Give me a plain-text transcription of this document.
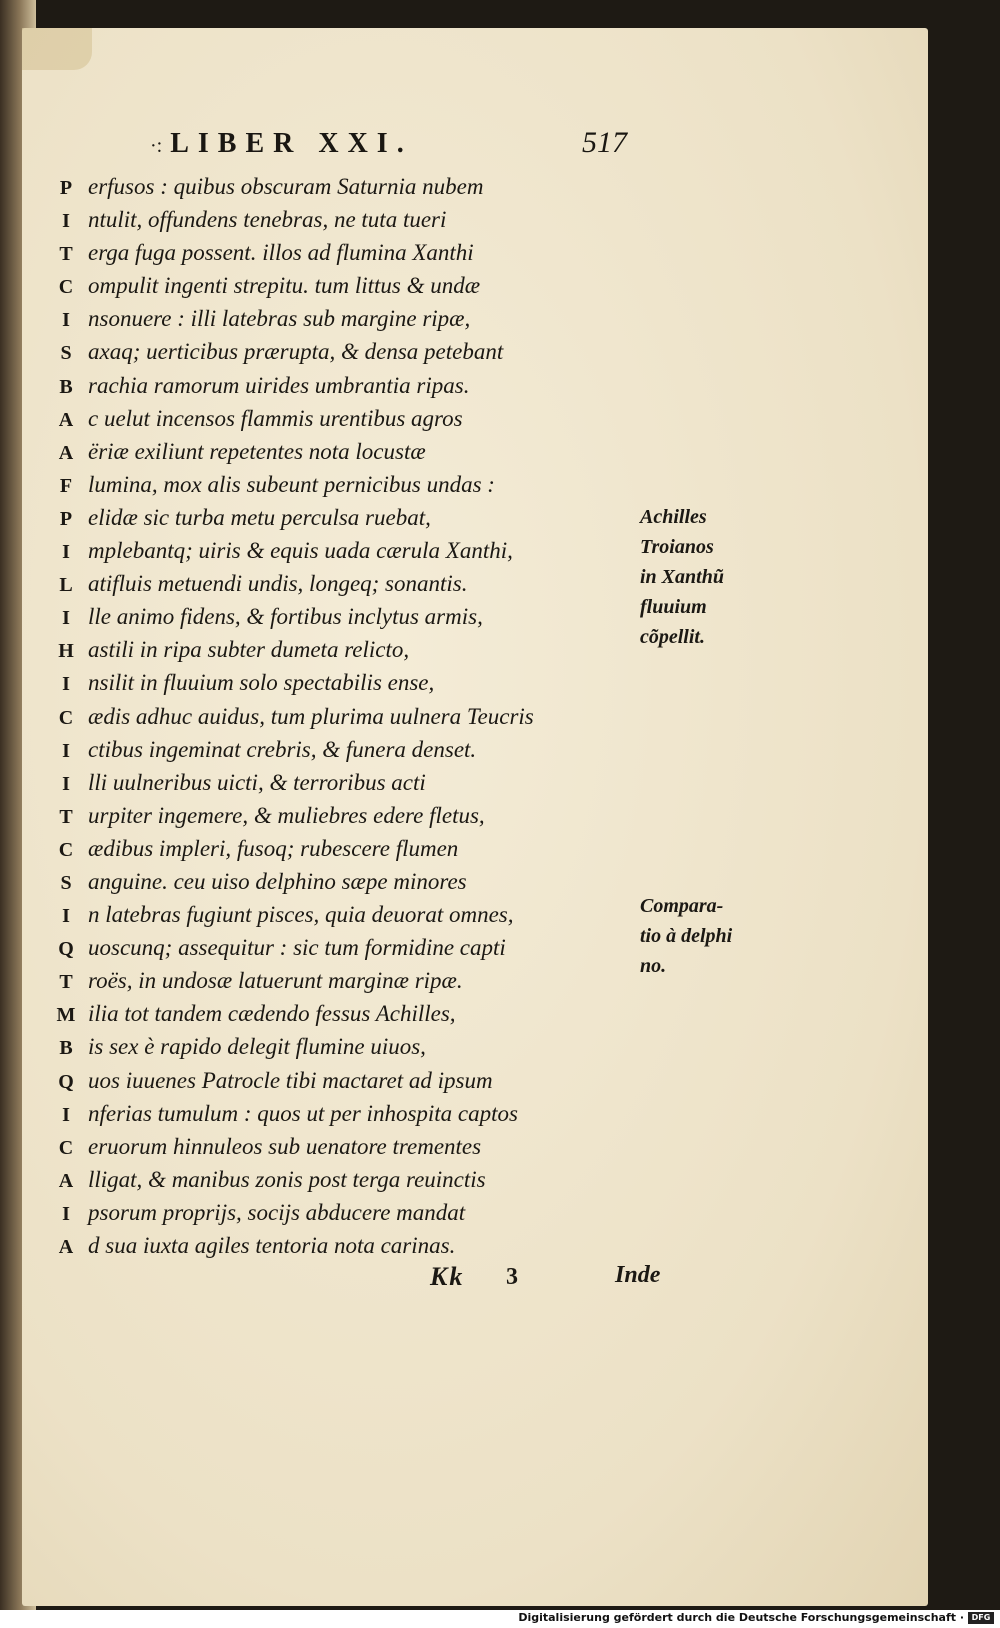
·: LIBER XXI.	517
P erfusos : quibus obscuram Saturnia nubem
I ntulit, offundens tenebras, ne tuta tueri
T erga fuga possent. illos ad flumina Xanthi
C ompulit ingenti strepitu. tum littus & undæ
I nsonuere : illi latebras sub margine ripæ,
S axaq; uerticibus prærupta, & densa petebant
B rachia ramorum uirides umbrantia ripas.
A c uelut incensos flammis urentibus agros
A ëriæ exiliunt repetentes nota locustæ
F lumina, mox alis subeunt pernicibus undas :
P elidæ sic turba metu perculsa ruebat,
I mplebantq; uiris & equis uada cærula Xanthi,
L atifluis metuendi undis, longeq; sonantis.
I lle animo fidens, & fortibus inclytus armis,
H astili in ripa subter dumeta relicto,
I nsilit in fluuium solo spectabilis ense,
C ædis adhuc auidus, tum plurima uulnera Teucris
I ctibus ingeminat crebris, & funera denset.
I lli uulneribus uicti, & terroribus acti
T urpiter ingemere, & muliebres edere fletus,
C ædibus impleri, fusoq; rubescere flumen
S anguine. ceu uiso delphino sæpe minores
I n latebras fugiunt pisces, quia deuorat omnes,
Q uoscunq; assequitur : sic tum formidine capti
T roës, in undosæ latuerunt marginæ ripæ.
M ilia tot tandem cædendo fessus Achilles,
B is sex è rapido delegit flumine uiuos,
Q uos iuuenes Patrocle tibi mactaret ad ipsum
I nferias tumulum : quos ut per inhospita captos
C eruorum hinnuleos sub uenatore trementes
A lligat, & manibus zonis post terga reuinctis
I psorum proprijs, socijs abducere mandat
A d sua iuxta agiles tentoria nota carinas.
Achilles
Troianos
in Xanthũ
fluuium
cõpellit.
Compara-
tio à delphi
no.
Kk 3	Inde
Digitalisierung gefördert durch die Deutsche Forschungsgemeinschaft · DFG
